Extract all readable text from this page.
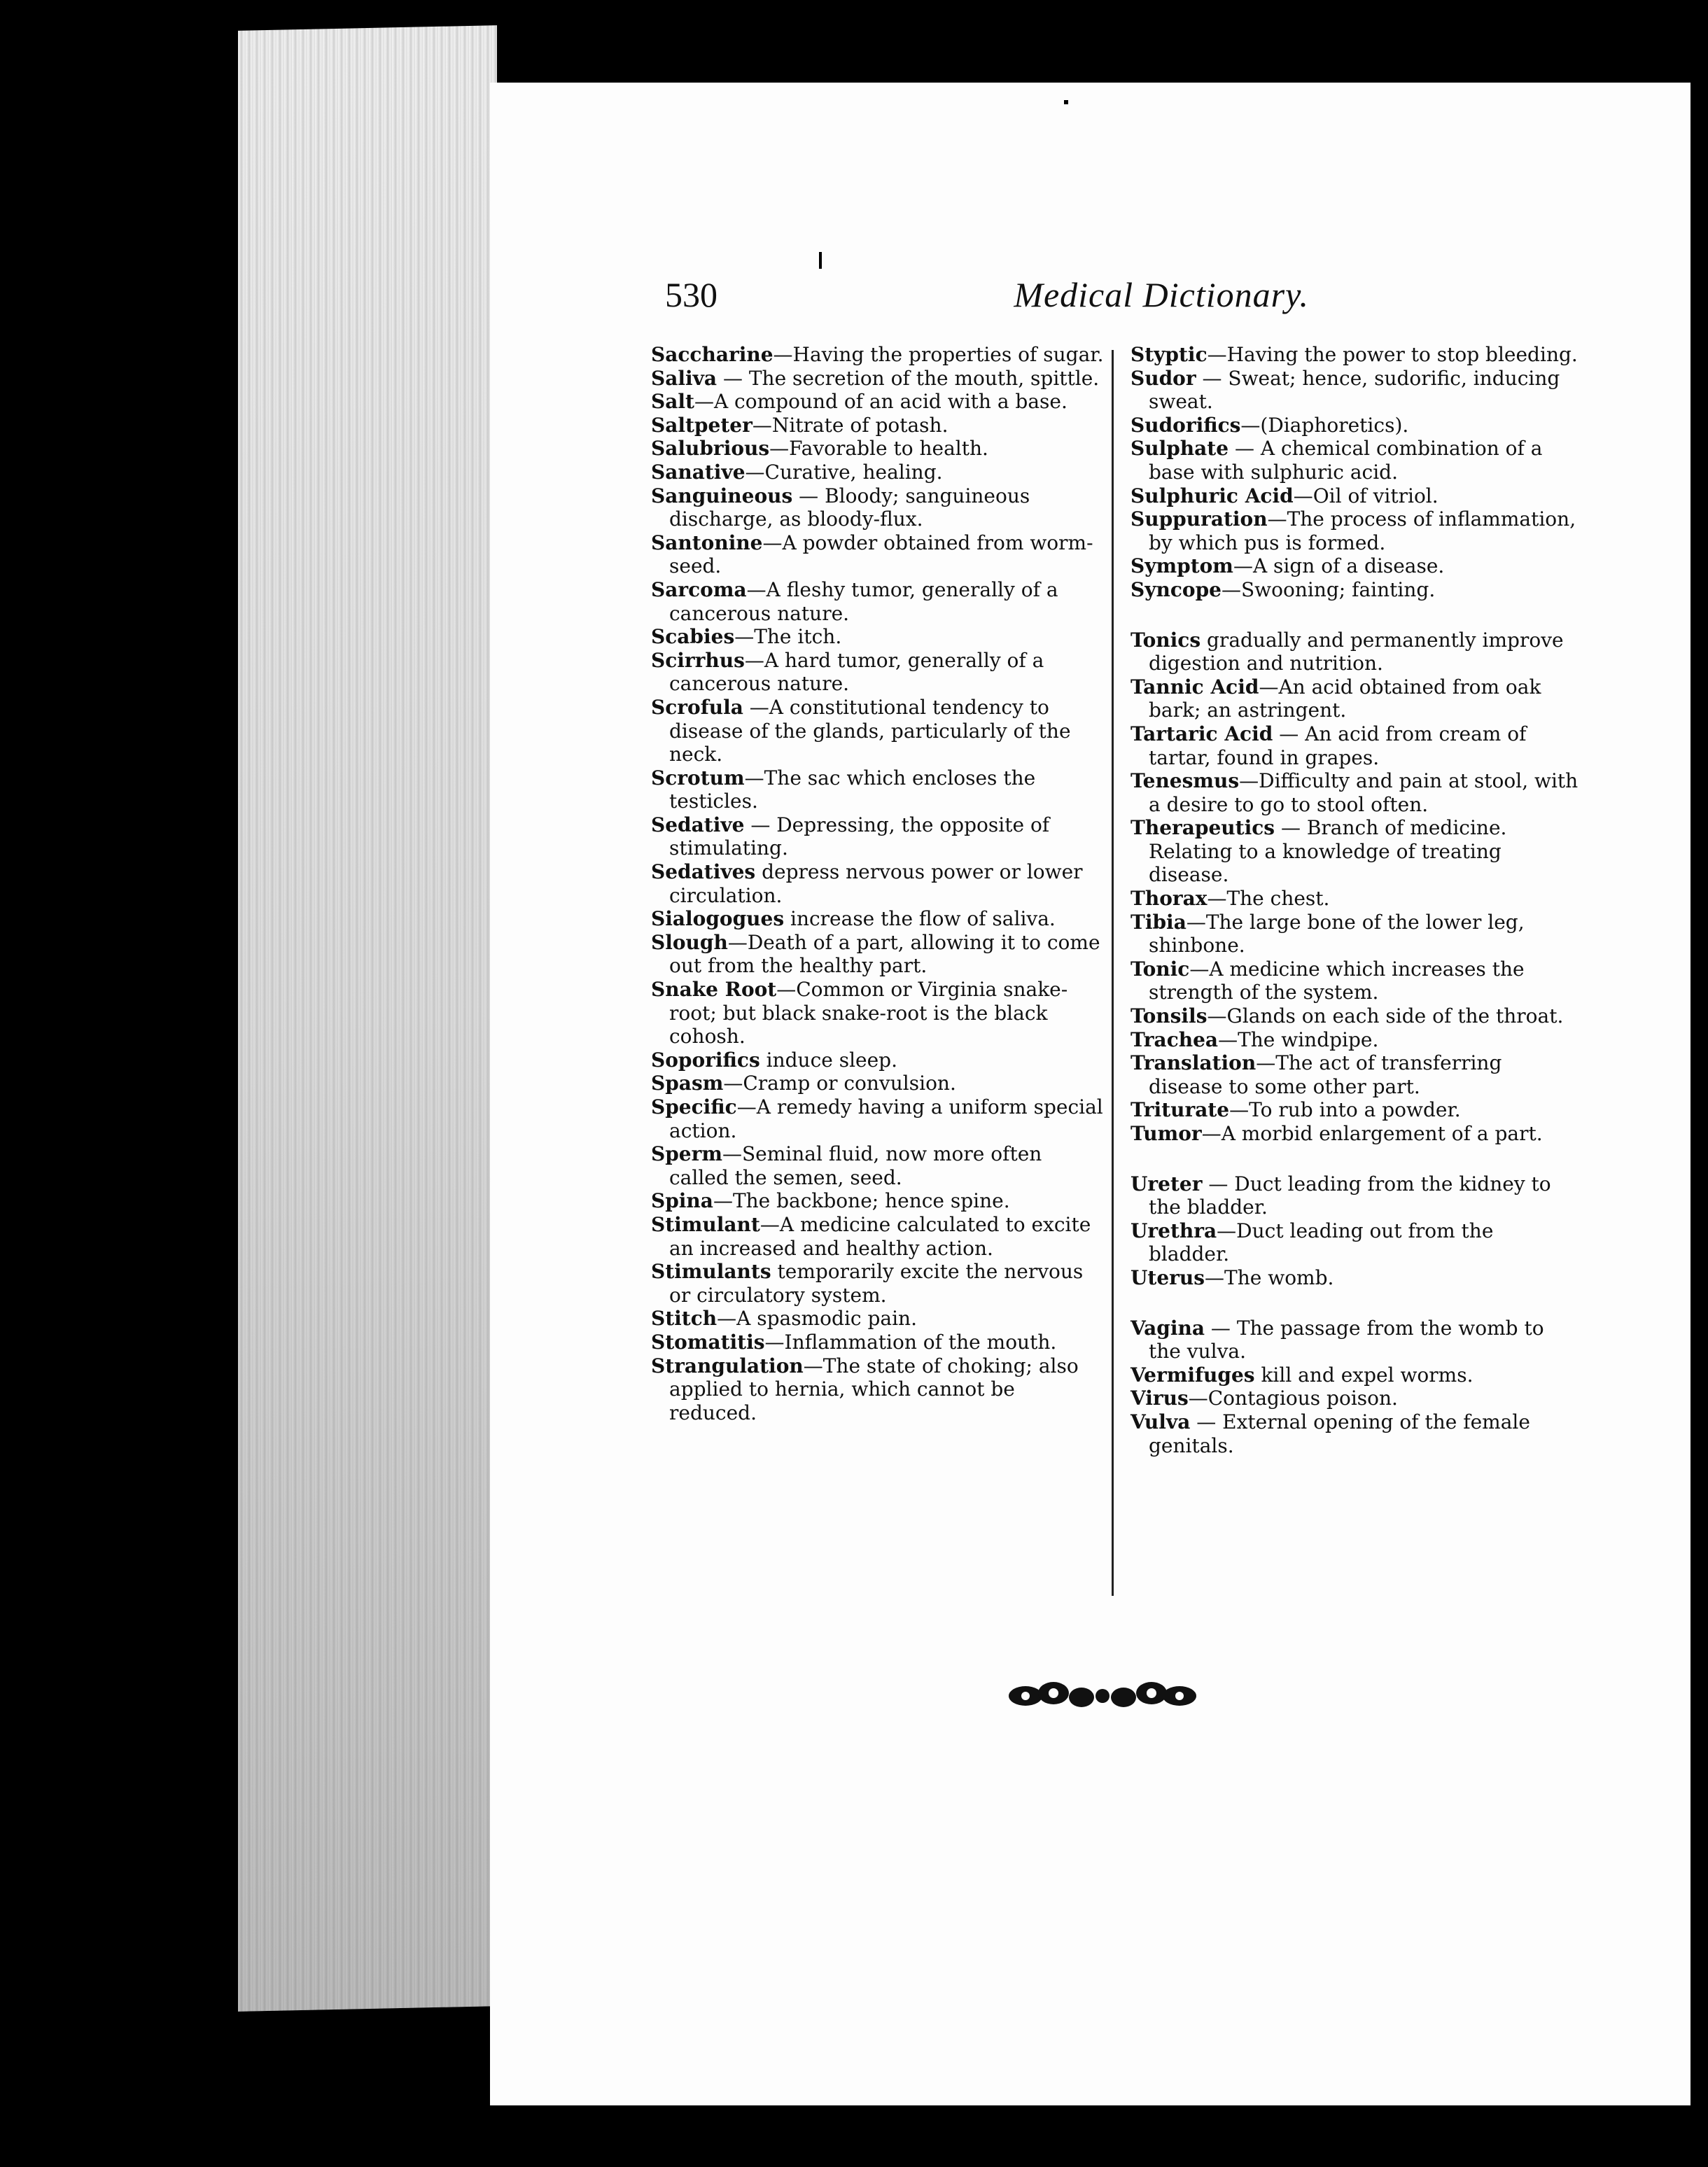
530	Medical Dictionary.

Saccharine—Having the properties of sugar.

Saliva — The secretion of the mouth, spittle.

Salt—A compound of an acid with a base.

Saltpeter—Nitrate of potash.

Salubrious—Favorable to health.

Sanative—Curative, healing.

Sanguineous — Bloody; sanguineous discharge, as bloody-flux.

Santonine—A powder obtained from worm-seed.

Sarcoma—A fleshy tumor, generally of a cancerous nature.

Scabies—The itch.

Scirrhus—A hard tumor, generally of a cancerous nature.

Scrofula —A constitutional tendency to disease of the glands, particularly of the neck.

Scrotum—The sac which encloses the testicles.

Sedative — Depressing, the opposite of stimulating.

Sedatives depress nervous power or lower circulation.

Sialogogues increase the flow of saliva.

Slough—Death of a part, allowing it to come out from the healthy part.

Snake Root—Common or Virginia snake-root; but black snake-root is the black cohosh.

Soporifics induce sleep.

Spasm—Cramp or convulsion.

Specific—A remedy having a uniform special action.

Sperm—Seminal fluid, now more often called the semen, seed.

Spina—The backbone; hence spine.

Stimulant—A medicine calculated to excite an increased and healthy action.

Stimulants temporarily excite the nervous or circulatory system.

Stitch—A spasmodic pain.

Stomatitis—Inflammation of the mouth.

Strangulation—The state of choking; also applied to hernia, which cannot be reduced.

Styptic—Having the power to stop bleeding.

Sudor — Sweat; hence, sudorific, inducing sweat.

Sudorifics—(Diaphoretics).

Sulphate — A chemical combination of a base with sulphuric acid.

Sulphuric Acid—Oil of vitriol.

Suppuration—The process of inflammation, by which pus is formed.

Symptom—A sign of a disease.

Syncope—Swooning; fainting.

Tonics gradually and permanently improve digestion and nutrition.

Tannic Acid—An acid obtained from oak bark; an astringent.

Tartaric Acid — An acid from cream of tartar, found in grapes.

Tenesmus—Difficulty and pain at stool, with a desire to go to stool often.

Therapeutics — Branch of medicine. Relating to a knowledge of treating disease.

Thorax—The chest.

Tibia—The large bone of the lower leg, shinbone.

Tonic—A medicine which increases the strength of the system.

Tonsils—Glands on each side of the throat.

Trachea—The windpipe.

Translation—The act of transferring disease to some other part.

Triturate—To rub into a powder.

Tumor—A morbid enlargement of a part.

Ureter — Duct leading from the kidney to the bladder.

Urethra—Duct leading out from the bladder.

Uterus—The womb.

Vagina — The passage from the womb to the vulva.

Vermifuges kill and expel worms.

Virus—Contagious poison.

Vulva — External opening of the female genitals.
